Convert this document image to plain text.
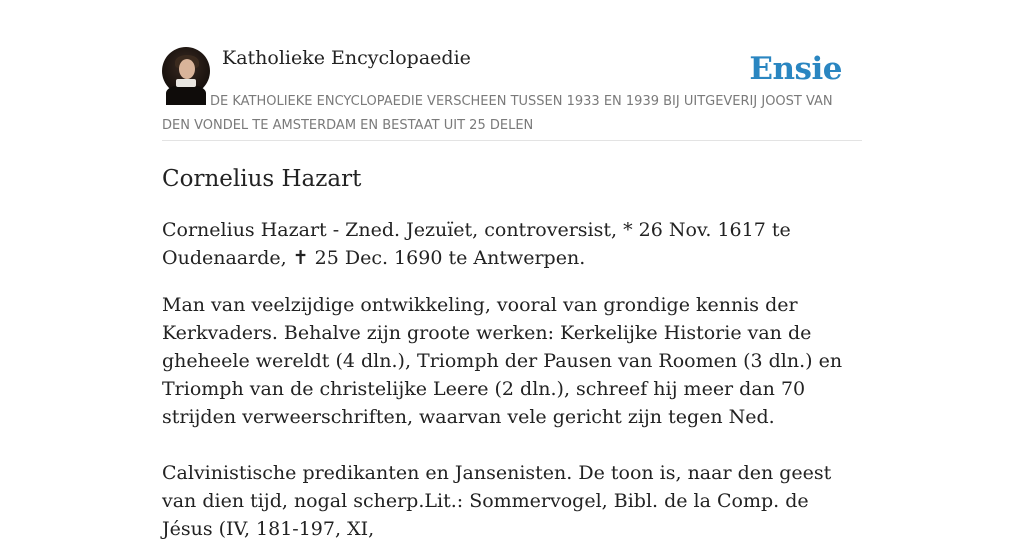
Katholieke Encyclopaedie	Ensie
DE KATHOLIEKE ENCYCLOPAEDIE VERSCHEEN TUSSEN 1933 EN 1939 BIJ UITGEVERIJ JOOST VAN DEN VONDEL TE AMSTERDAM EN BESTAAT UIT 25 DELEN
Cornelius Hazart

Cornelius Hazart - Zned. Jezuïet, controversist, * 26 Nov. 1617 te Oudenaarde, ✝ 25 Dec. 1690 te Antwerpen.

Man van veelzijdige ontwikkeling, vooral van grondige kennis der Kerkvaders. Behalve zijn groote werken: Kerkelijke Historie van de gheheele wereldt (4 dln.), Triomph der Pausen van Roomen (3 dln.) en Triomph van de christelijke Leere (2 dln.), schreef hij meer dan 70 strijden verweerschriften, waarvan vele gericht zijn tegen Ned.

Calvinistische predikanten en Jansenisten. De toon is, naar den geest van dien tijd, nogal scherp.Lit.: Sommervogel, Bibl. de la Comp. de Jésus (IV, 181-197, XI,
